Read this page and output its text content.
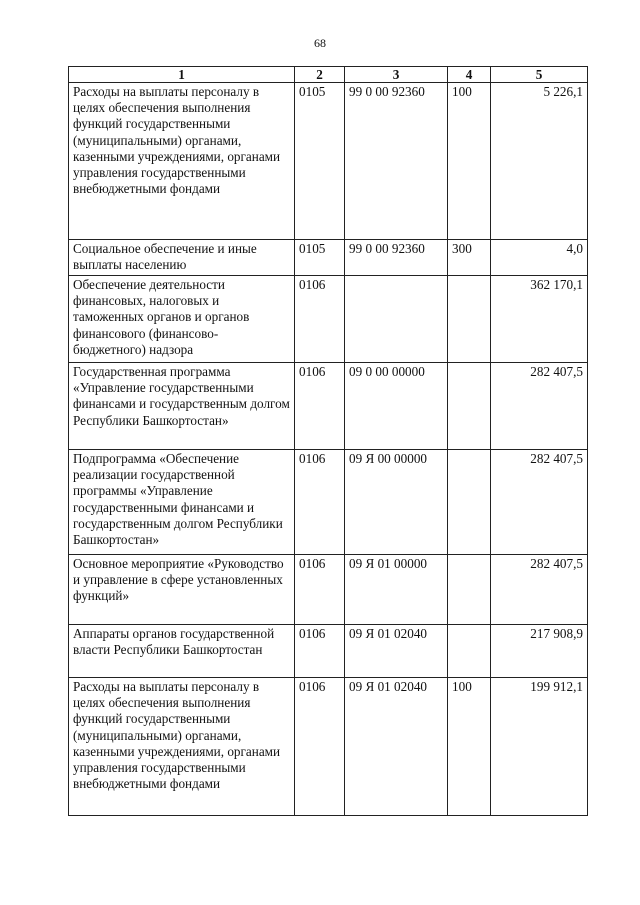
68
1	2	3	4	5
Расходы на выплаты персоналу в целях обеспечения выполнения функций государственными (муниципальными) органами, казенными учреждениями, органами управления государственными внебюджетными фондами	0105	99 0 00 92360	100	5 226,1
Социальное обеспечение и иные выплаты населению	0105	99 0 00 92360	300	4,0
Обеспечение деятельности финансовых, налоговых и таможенных органов и органов финансового (финансово-бюджетного) надзора	0106			362 170,1
Государственная программа «Управление государственными финансами и государственным долгом Республики Башкортостан»	0106	09 0 00 00000		282 407,5
Подпрограмма «Обеспечение реализации государственной программы «Управление государственными финансами и государственным долгом Республики Башкортостан»	0106	09 Я 00 00000		282 407,5
Основное мероприятие «Руководство и управление в сфере установленных функций»	0106	09 Я 01 00000		282 407,5
Аппараты органов государственной власти Республики Башкортостан	0106	09 Я 01 02040		217 908,9
Расходы на выплаты персоналу в целях обеспечения выполнения функций государственными (муниципальными) органами, казенными учреждениями, органами управления государственными внебюджетными фондами	0106	09 Я 01 02040	100	199 912,1
